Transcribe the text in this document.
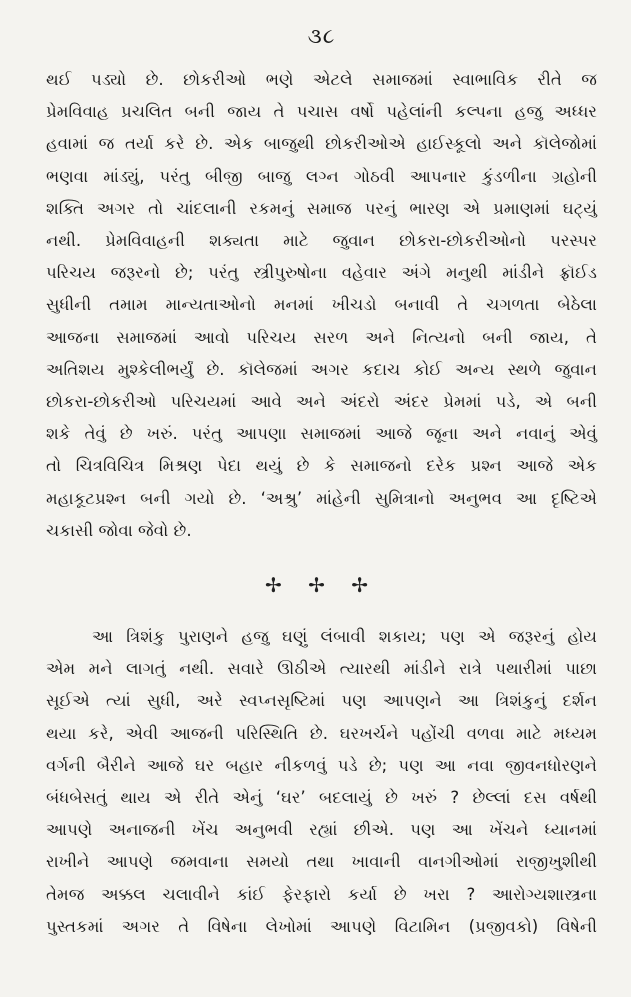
૩૮
થઈ પડ્યો છે. છોકરીઓ ભણે એટલે સમાજમાં સ્વાભાવિક રીતે જ
પ્રેમવિવાહ પ્રચલિત બની જાય તે પચાસ વર્ષો પહેલાંની કલ્પના હજુ અધ્ધર
હવામાં જ તર્યા કરે છે. એક બાજુથી છોકરીઓએ હાઈસ્કૂલો અને કૉલેજોમાં
ભણવા માંડ્યું, પરંતુ બીજી બાજુ લગ્ન ગોઠવી આપનાર કુંડળીના ગ્રહોની
શક્તિ અગર તો ચાંદલાની રકમનું સમાજ પરનું ભારણ એ પ્રમાણમાં ઘટ્યું
નથી. પ્રેમવિવાહની શક્યતા માટે જુવાન છોકરા-છોકરીઓનો પરસ્પર
પરિચય જરૂરનો છે; પરંતુ સ્ત્રીપુરુષોના વહેવાર અંગે મનુથી માંડીને ફ્રૉઈડ
સુધીની તમામ માન્યતાઓનો મનમાં ખીચડો બનાવી તે ચગળતા બેઠેલા
આજના સમાજમાં આવો પરિચય સરળ અને નિત્યનો બની જાય, તે
અતિશય મુશ્કેલીભર્યું છે. કૉલેજમાં અગર કદાચ કોઈ અન્ય સ્થળે જુવાન
છોકરા-છોકરીઓ પરિચયમાં આવે અને અંદરો અંદર પ્રેમમાં પડે, એ બની
શકે તેવું છે ખરું. પરંતુ આપણા સમાજમાં આજે જૂના અને નવાનું એવું
તો ચિત્રવિચિત્ર મિશ્રણ પેદા થયું છે કે સમાજનો દરેક પ્રશ્ન આજે એક
મહાકૂટપ્રશ્ન બની ગયો છે. ‘અશ્રુ’ માંહેની સુમિત્રાનો અનુભવ આ દૃષ્ટિએ
ચકાસી જોવા જેવો છે.
✢ ✢ ✢
આ ત્રિશંકુ પુરાણને હજુ ઘણું લંબાવી શકાય; પણ એ જરૂરનું હોય
એમ મને લાગતું નથી. સવારે ઊઠીએ ત્યારથી માંડીને રાત્રે પથારીમાં પાછા
સૂઈએ ત્યાં સુધી, અરે સ્વપ્નસૃષ્ટિમાં પણ આપણને આ ત્રિશંકુનું દર્શન
થયા કરે, એવી આજની પરિસ્થિતિ છે. ઘરખર્ચને પહોંચી વળવા માટે મધ્યમ
વર્ગની બૈરીને આજે ઘર બહાર નીકળવું પડે છે; પણ આ નવા જીવનધોરણને
બંધબેસતું થાય એ રીતે એનું ‘ઘર’ બદલાયું છે ખરું ? છેલ્લાં દસ વર્ષથી
આપણે અનાજની ખેંચ અનુભવી રહ્યાં છીએ. પણ આ ખેંચને ધ્યાનમાં
રાખીને આપણે જમવાના સમયો તથા ખાવાની વાનગીઓમાં રાજીખુશીથી
તેમજ અક્કલ ચલાવીને કાંઈ ફેરફારો કર્યા છે ખરા ? આરોગ્યશાસ્ત્રના
પુસ્તકમાં અગર તે વિષેના લેખોમાં આપણે વિટામિન (પ્રજીવકો) વિષેની
